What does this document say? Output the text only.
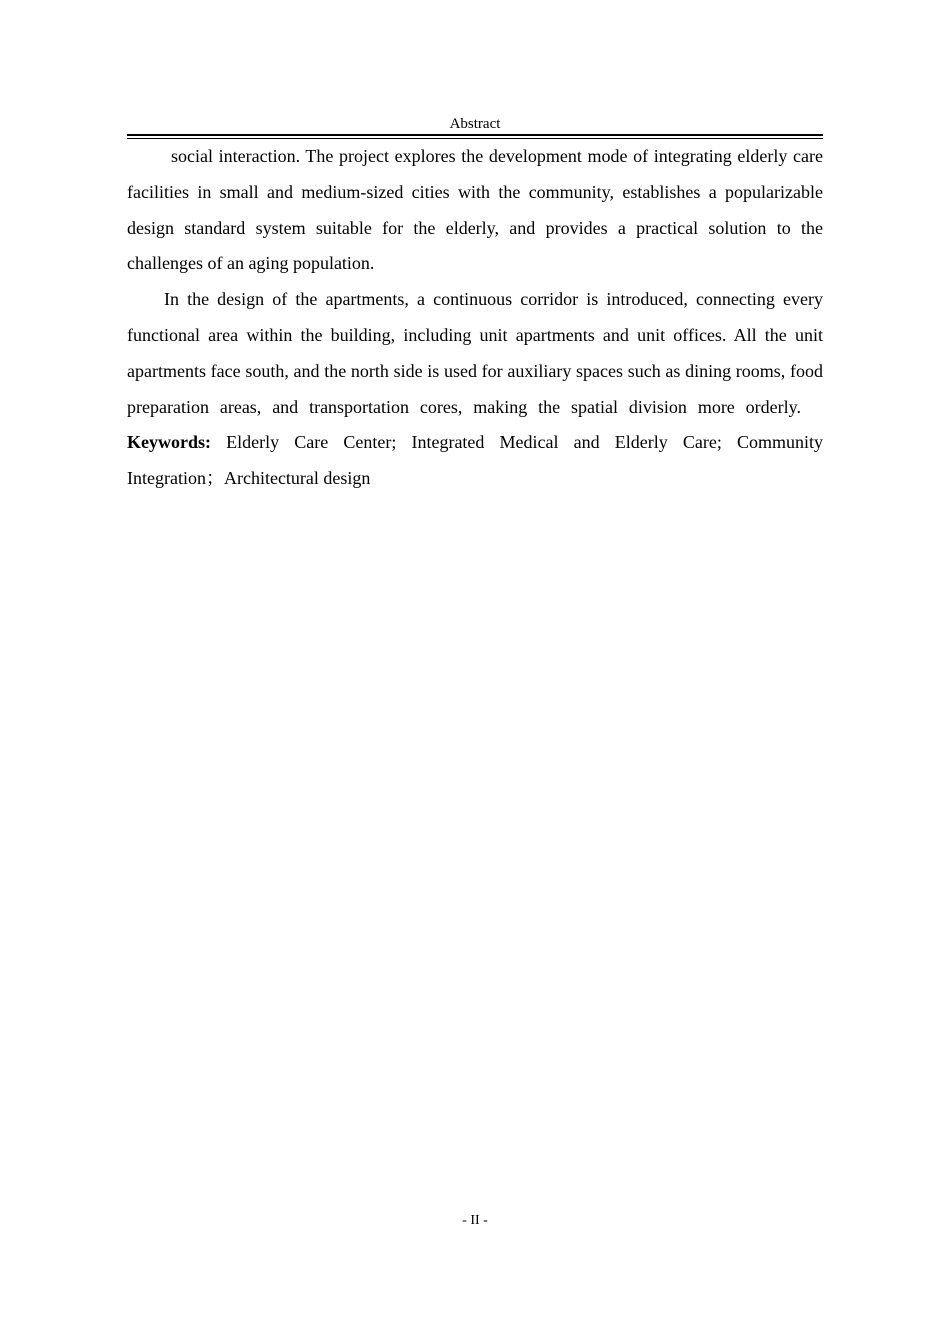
Abstract

social interaction. The project explores the development mode of integrating elderly care facilities in small and medium-sized cities with the community, establishes a popularizable design standard system suitable for the elderly, and provides a practical solution to the challenges of an aging population.

In the design of the apartments, a continuous corridor is introduced, connecting every functional area within the building, including unit apartments and unit offices. All the unit apartments face south, and the north side is used for auxiliary spaces such as dining rooms, food preparation areas, and transportation cores, making the spatial division more orderly.Keywords: Elderly Care Center; Integrated Medical and Elderly Care; Community Integration；Architectural design

- II -
